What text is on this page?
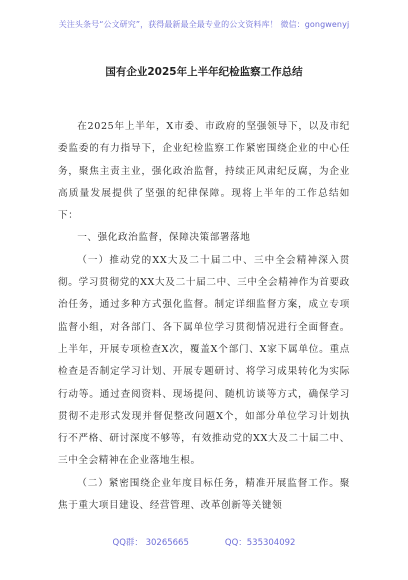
关注头条号“公文研究”，获得最新最全最专业的公文资料库！ 微信：gongwenyj
国有企业2025年上半年纪检监察工作总结

在2025年上半年，X市委、市政府的坚强领导下，以及市纪委监委的有力指导下，企业纪检监察工作紧密围绕企业的中心任务，聚焦主责主业，强化政治监督，持续正风肃纪反腐，为企业高质量发展提供了坚强的纪律保障。现将上半年的工作总结如下：

一、强化政治监督，保障决策部署落地

（一）推动党的XX大及二十届二中、三中全会精神深入贯彻。学习贯彻党的XX大及二十届二中、三中全会精神作为首要政治任务，通过多种方式强化监督。制定详细监督方案，成立专项监督小组，对各部门、各下属单位学习贯彻情况进行全面督查。上半年，开展专项检查X次，覆盖X个部门、X家下属单位。重点检查是否制定学习计划、开展专题研讨、将学习成果转化为实际行动等。通过查阅资料、现场提问、随机访谈等方式，确保学习贯彻不走形式发现并督促整改问题X个，如部分单位学习计划执行不严格、研讨深度不够等，有效推动党的XX大及二十届二中、三中全会精神在企业落地生根。

（二）紧密围绕企业年度目标任务，精准开展监督工作。聚焦于重大项目建设、经营管理、改革创新等关键领

QQ群： 30265665	QQ：535304092
